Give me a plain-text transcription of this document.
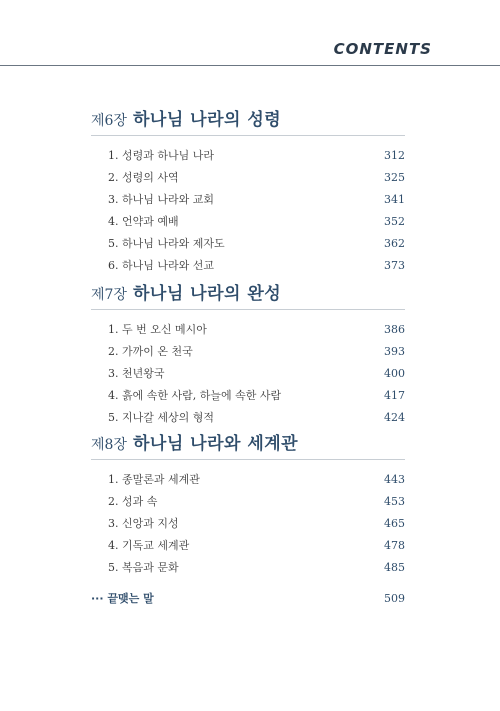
CONTENTS
제6장 하나님 나라의 성령
1. 성령과 하나님 나라	312
2. 성령의 사역	325
3. 하나님 나라와 교회	341
4. 언약과 예배	352
5. 하나님 나라와 제자도	362
6. 하나님 나라와 선교	373
제7장 하나님 나라의 완성
1. 두 번 오신 메시아	386
2. 가까이 온 천국	393
3. 천년왕국	400
4. 흙에 속한 사람, 하늘에 속한 사람	417
5. 지나갈 세상의 형적	424
제8장 하나님 나라와 세계관
1. 종말론과 세계관	443
2. 성과 속	453
3. 신앙과 지성	465
4. 기독교 세계관	478
5. 복음과 문화	485
··· 끝맺는 말	509
